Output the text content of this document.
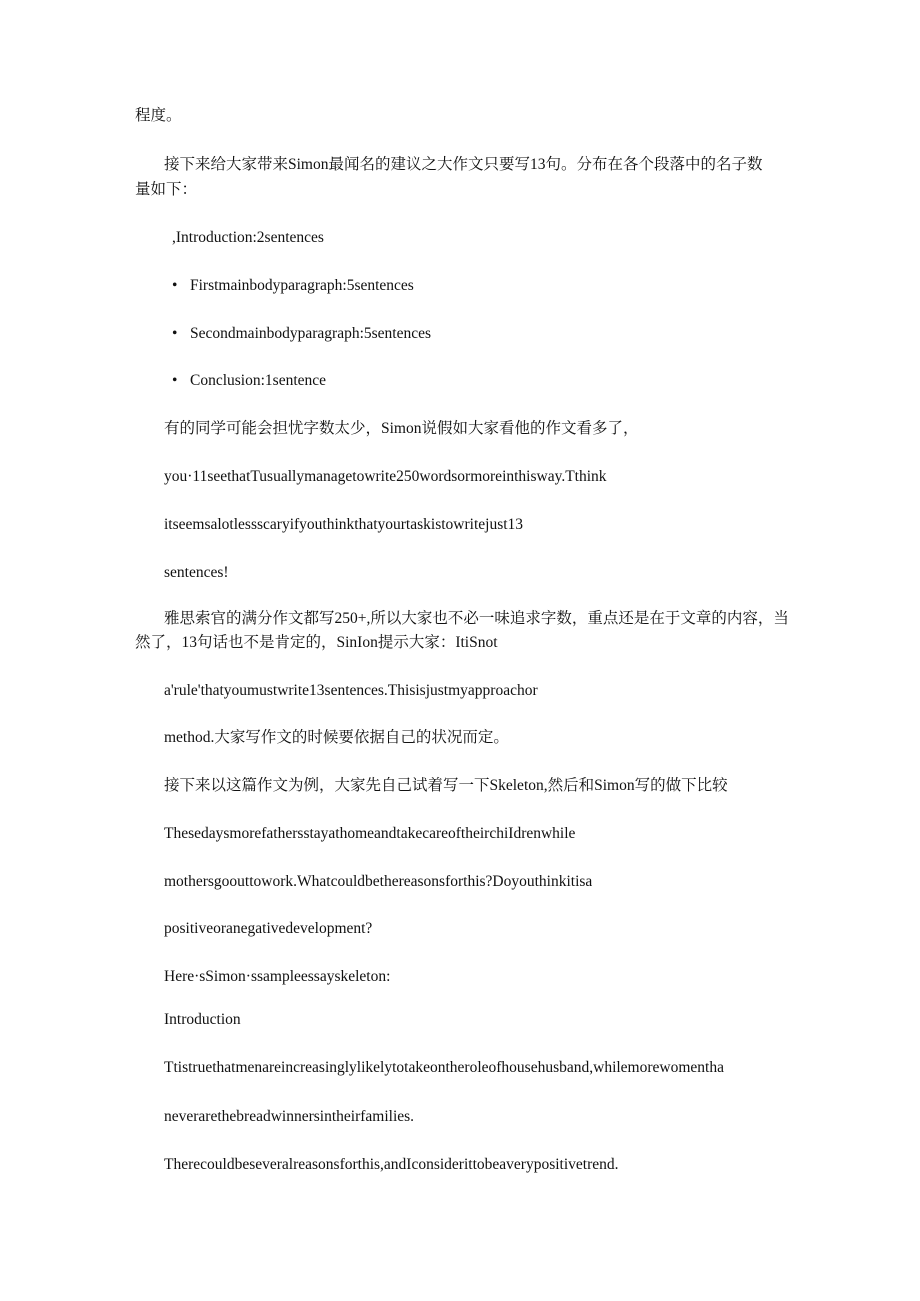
程度。
接下来给大家带来Simon最闻名的建议之大作文只要写13句。分布在各个段落中的名子数
量如下：
,Introduction:2sentences
• Firstmainbodyparagraph:5sentences
• Secondmainbodyparagraph:5sentences
• Conclusion:1sentence
有的同学可能会担忧字数太少，Simon说假如大家看他的作文看多了，
you·11seethatTusuallymanagetowrite250wordsormoreinthisway.Tthink
itseemsalotlessscaryifyouthinkthatyourtaskistowritejust13
sentences!
雅思索官的满分作文都写250+,所以大家也不必一味追求字数，重点还是在于文章的内容，当
然了，13句话也不是肯定的，SinIon提示大家：ItiSnot
a'rule'thatyoumustwrite13sentences.Thisisjustmyapproachor
method.大家写作文的时候要依据自己的状况而定。
接下来以这篇作文为例，大家先自己试着写一下Skeleton,然后和Simon写的做下比较
ThesedaysmorefathersstayathomeandtakecareoftheirchiIdrenwhile
mothersgoouttowork.Whatcouldbethereasonsforthis?Doyouthinkitisa
positiveoranegativedevelopment?
Here·sSimon·ssampleessayskeleton:
Introduction
Ttistruethatmenareincreasinglylikelytotakeontheroleofhousehusband,whilemorewomentha
neverarethebreadwinnersintheirfamilies.
Therecouldbeseveralreasonsforthis,andIconsiderittobeaverypositivetrend.
